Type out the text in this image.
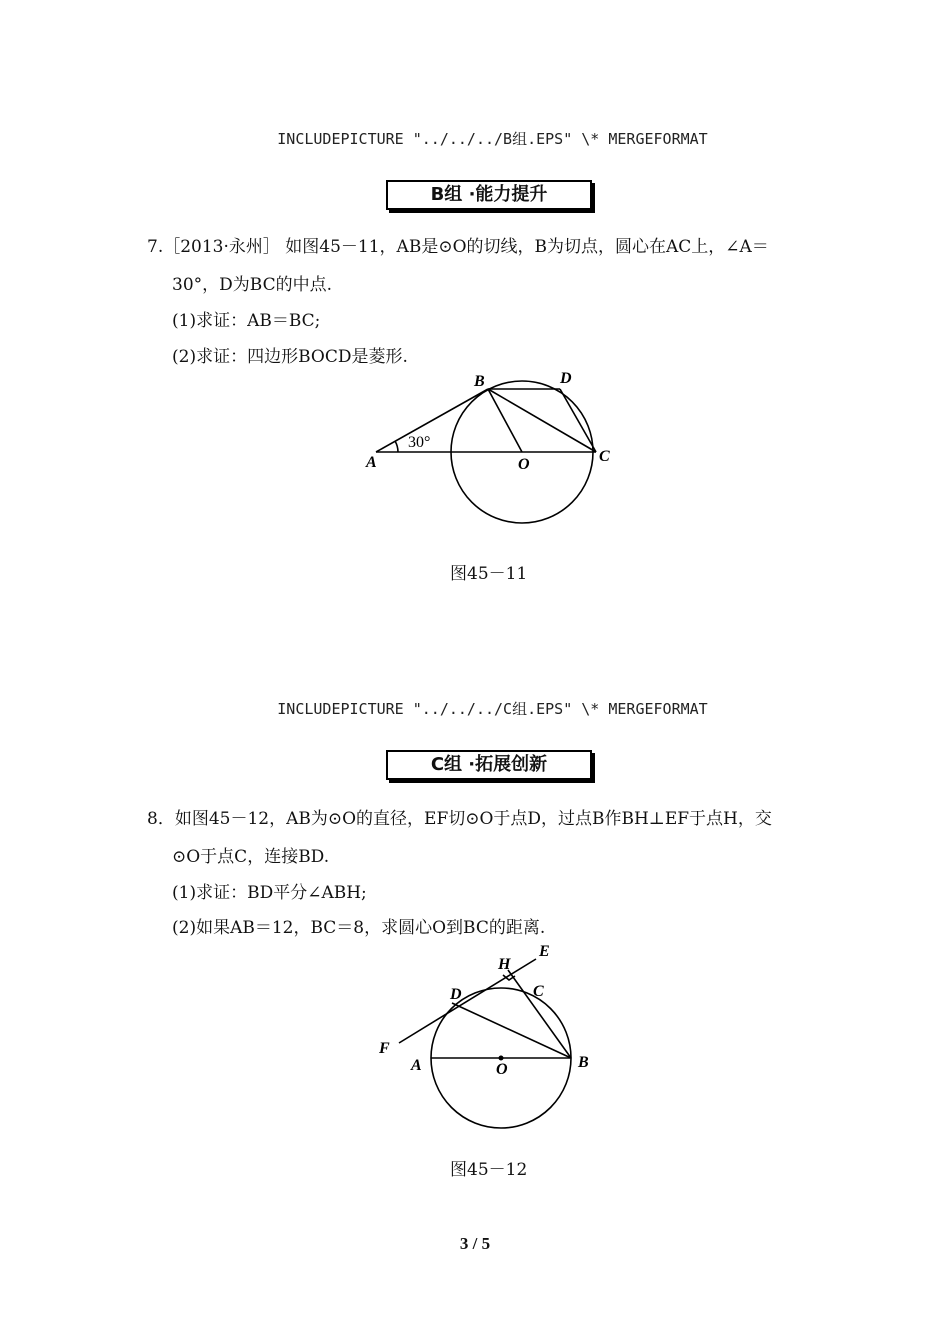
INCLUDEPICTURE "../../../B组.EPS" \* MERGEFORMAT
B组 ·能力提升
7.［2013·永州］ 如图45－11，AB是⊙O的切线，B为切点，圆心在AC上，∠A＝
30°，D为BC的中点.
(1)求证：AB＝BC;
(2)求证：四边形BOCD是菱形.
B	D
A	O	C
30°
图45－11
INCLUDEPICTURE "../../../C组.EPS" \* MERGEFORMAT
C组 ·拓展创新
8．如图45－12，AB为⊙O的直径，EF切⊙O于点D，过点B作BH⊥EF于点H，交
⊙O于点C，连接BD.
(1)求证：BD平分∠ABH;
(2)如果AB＝12，BC＝8，求圆心O到BC的距离.
H
E
D	C
F
A	O	B
图45－12
3 / 5
